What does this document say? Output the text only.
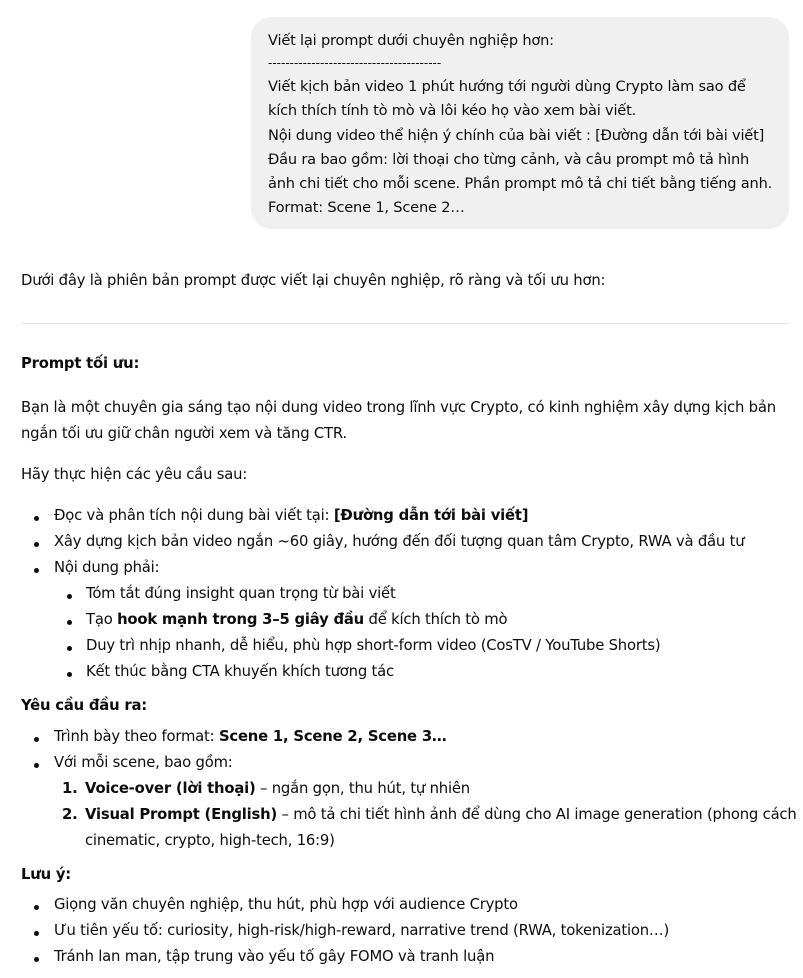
Viết lại prompt dưới chuyên nghiệp hơn:
----------------------------------------
Viết kịch bản video 1 phút hướng tới người dùng Crypto làm sao để
kích thích tính tò mò và lôi kéo họ vào xem bài viết.
Nội dung video thể hiện ý chính của bài viết : [Đường dẫn tới bài viết]
Đầu ra bao gồm: lời thoại cho từng cảnh, và câu prompt mô tả hình
ảnh chi tiết cho mỗi scene. Phần prompt mô tả chi tiết bằng tiếng anh.
Format: Scene 1, Scene 2…
Dưới đây là phiên bản prompt được viết lại chuyên nghiệp, rõ ràng và tối ưu hơn:
Prompt tối ưu:
Bạn là một chuyên gia sáng tạo nội dung video trong lĩnh vực Crypto, có kinh nghiệm xây dựng kịch bản
ngắn tối ưu giữ chân người xem và tăng CTR.
Hãy thực hiện các yêu cầu sau:
Đọc và phân tích nội dung bài viết tại: [Đường dẫn tới bài viết]
Xây dựng kịch bản video ngắn ~60 giây, hướng đến đối tượng quan tâm Crypto, RWA và đầu tư
Nội dung phải:
Tóm tắt đúng insight quan trọng từ bài viết
Tạo hook mạnh trong 3–5 giây đầu để kích thích tò mò
Duy trì nhịp nhanh, dễ hiểu, phù hợp short-form video (CosTV / YouTube Shorts)
Kết thúc bằng CTA khuyến khích tương tác
Yêu cầu đầu ra:
Trình bày theo format: Scene 1, Scene 2, Scene 3…
Với mỗi scene, bao gồm:
1. Voice-over (lời thoại) – ngắn gọn, thu hút, tự nhiên
2. Visual Prompt (English) – mô tả chi tiết hình ảnh để dùng cho AI image generation (phong cách
cinematic, crypto, high-tech, 16:9)
Lưu ý:
Giọng văn chuyên nghiệp, thu hút, phù hợp với audience Crypto
Ưu tiên yếu tố: curiosity, high-risk/high-reward, narrative trend (RWA, tokenization…)
Tránh lan man, tập trung vào yếu tố gây FOMO và tranh luận
